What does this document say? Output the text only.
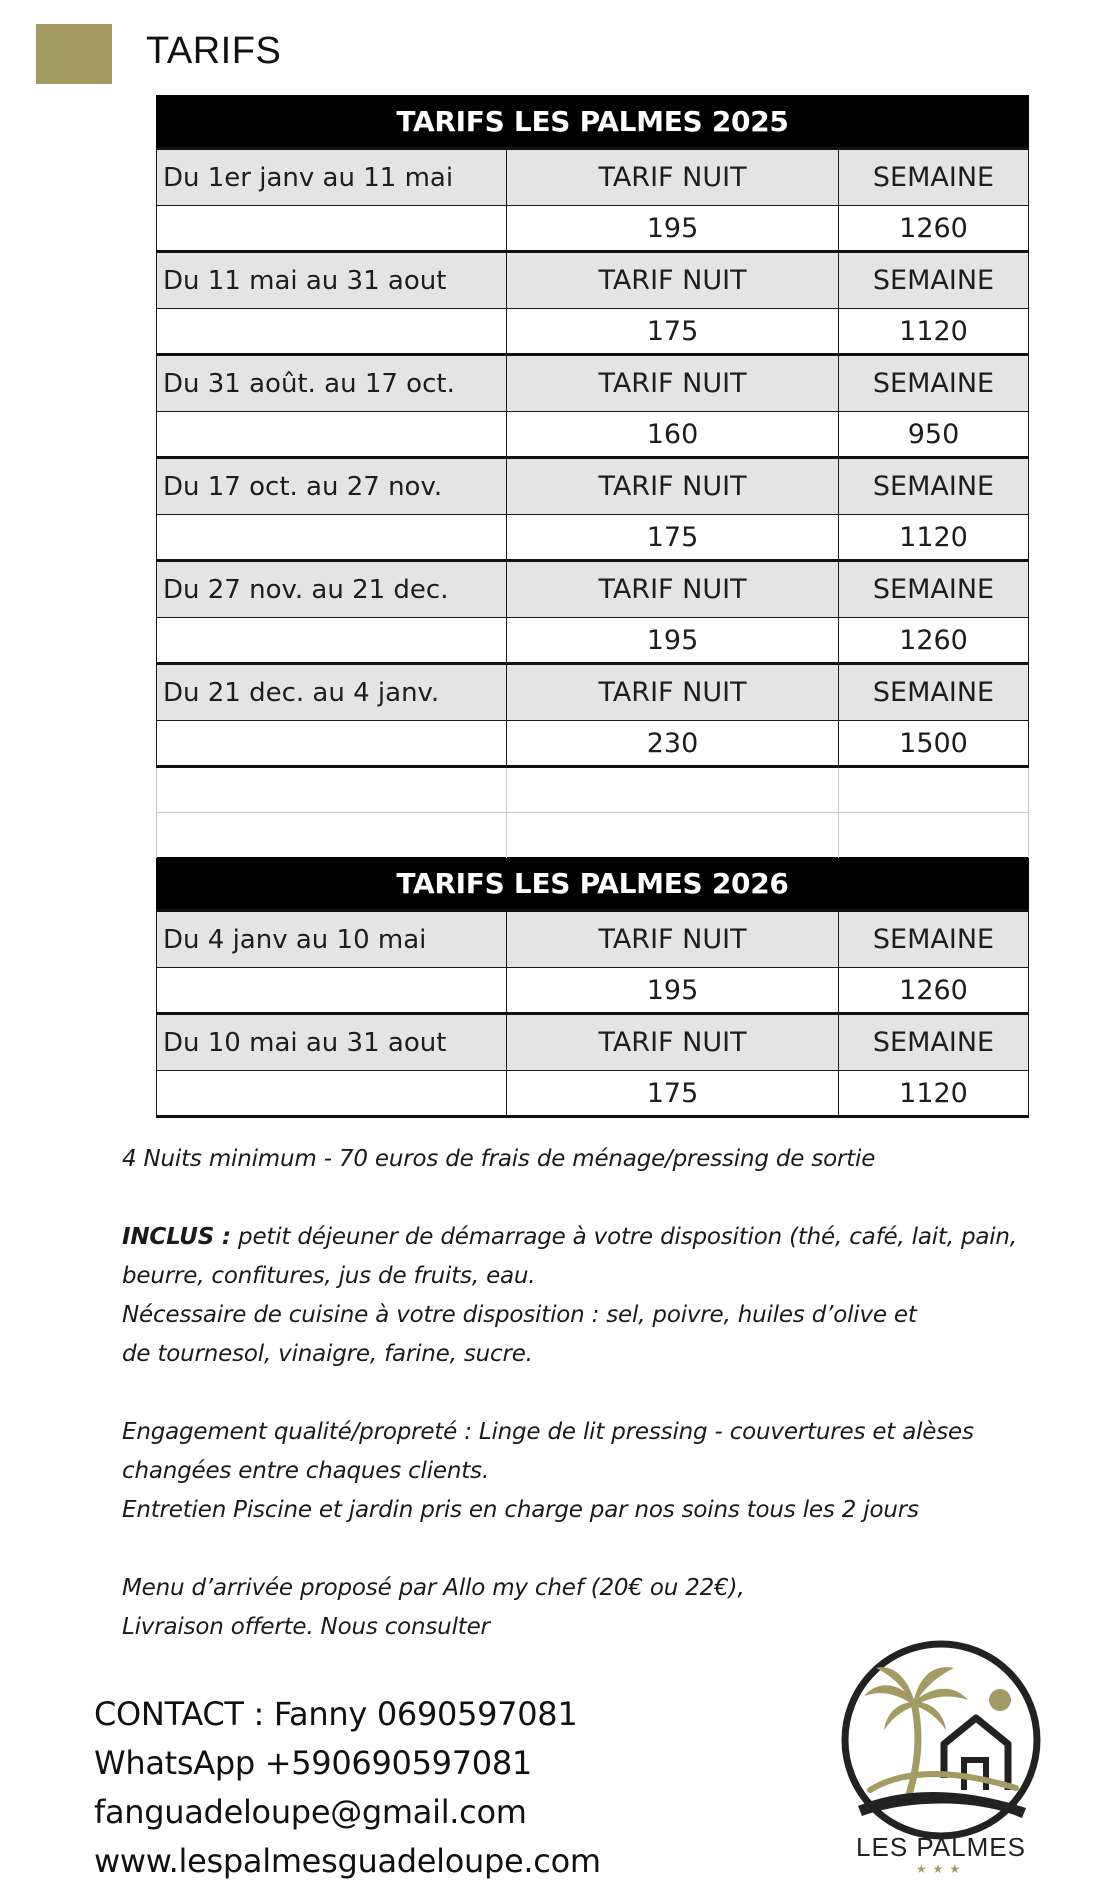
TARIFS
TARIFS LES PALMES 2025		
Du 1er janv au 11 mai	TARIF NUIT	SEMAINE
	195	1260
Du 11 mai au 31 aout	TARIF NUIT	SEMAINE
	175	1120
Du 31 août. au 17 oct.	TARIF NUIT	SEMAINE
	160	950
Du 17 oct. au 27 nov.	TARIF NUIT	SEMAINE
	175	1120
Du 27 nov. au 21 dec.	TARIF NUIT	SEMAINE
	195	1260
Du 21 dec. au 4 janv.	TARIF NUIT	SEMAINE
	230	1500

TARIFS LES PALMES 2026		
Du 4 janv au 10 mai	TARIF NUIT	SEMAINE
	195	1260
Du 10 mai au 31 aout	TARIF NUIT	SEMAINE
	175	1120

4 Nuits minimum - 70 euros de frais de ménage/pressing de sortie

INCLUS : petit déjeuner de démarrage à votre disposition (thé, café, lait, pain,

beurre, confitures, jus de fruits, eau.

Nécessaire de cuisine à votre disposition : sel, poivre, huiles d’olive et

de tournesol, vinaigre, farine, sucre.

Engagement qualité/propreté : Linge de lit pressing - couvertures et alèses

changées entre chaques clients.

Entretien Piscine et jardin pris en charge par nos soins tous les 2 jours

Menu d’arrivée proposé par Allo my chef (20€ ou 22€),

Livraison offerte. Nous consulter

CONTACT : Fanny 0690597081

WhatsApp +590690597081

fanguadeloupe@gmail.com

www.lespalmesguadeloupe.com	LES PALMES
★★★
